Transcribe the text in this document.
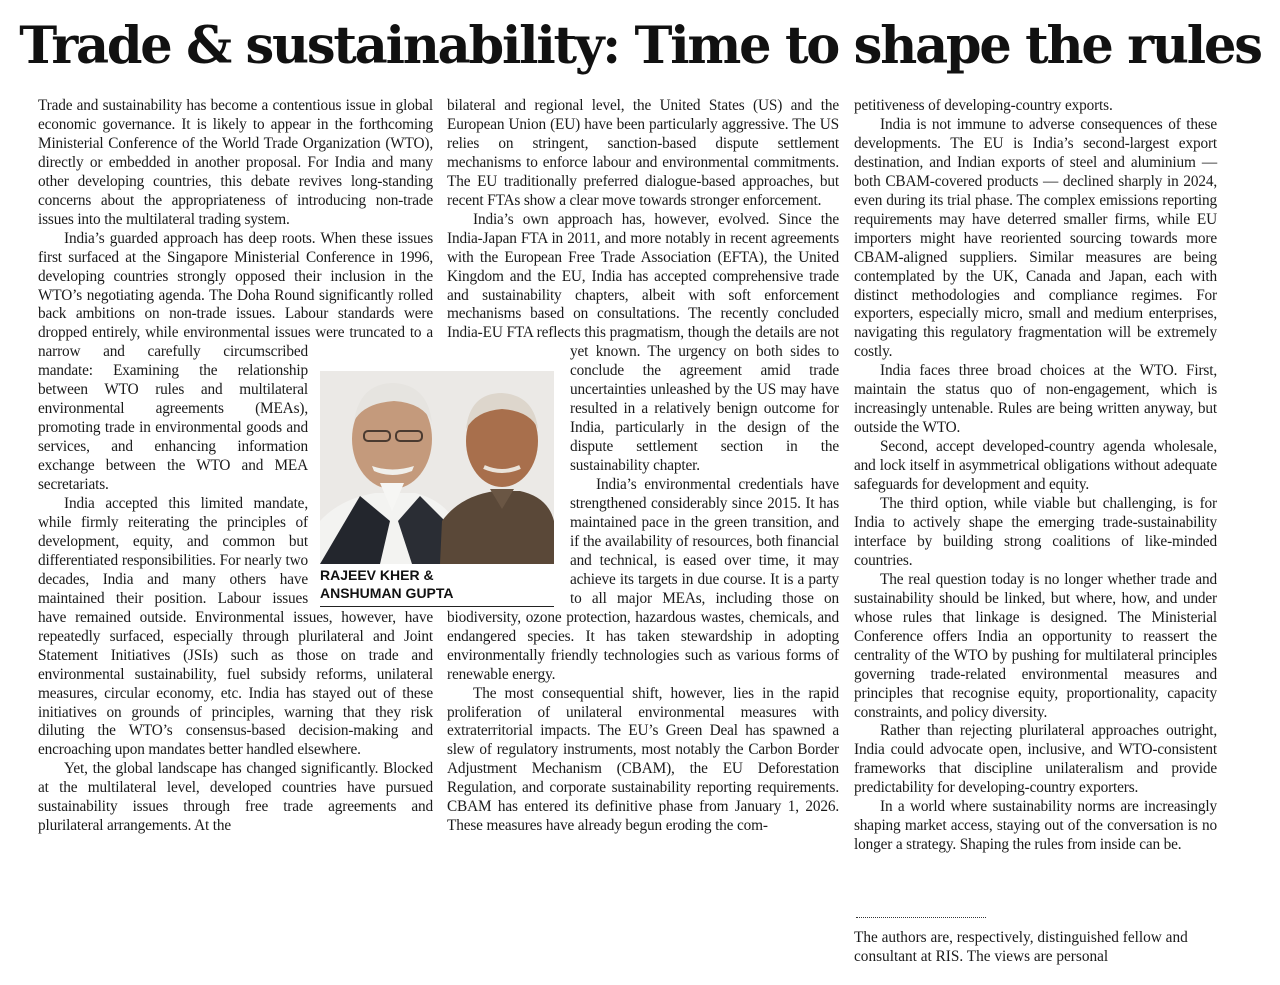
Trade & sustainability: Time to shape the rules

Trade and sustainability has become a contentious issue in global economic governance. It is likely to appear in the forthcoming Ministerial Conference of the World Trade Organization (WTO), directly or embedded in another proposal. For India and many other developing countries, this debate revives long-standing concerns about the appropriateness of introducing non-trade issues into the multilateral trading system.

India’s guarded approach has deep roots. When these issues first surfaced at the Singapore Ministerial Conference in 1996, developing countries strongly opposed their inclusion in the WTO’s negotiating agenda. The Doha Round significantly rolled back ambitions on non-trade issues. Labour standards were dropped entirely, while environmental issues were truncated to a narrow and carefully circumscribed mandate: Examining the relationship between WTO rules and multilateral environmental agreements (MEAs), promoting trade in environmental goods and services, and enhancing information exchange between the WTO and MEA secretariats.

India accepted this limited mandate, while firmly reiterating the principles of development, equity, and common but differentiated responsibilities. For nearly two decades, India and many others have maintained their position. Labour issues have remained outside. Environmental issues, however, have repeatedly surfaced, especially through plurilateral and Joint Statement Initiatives (JSIs) such as those on trade and environmental sustainability, fuel subsidy reforms, unilateral measures, circular economy, etc. India has stayed out of these initiatives on grounds of principles, warning that they risk diluting the WTO’s consensus-based decision-making and encroaching upon mandates better handled elsewhere.

Yet, the global landscape has changed significantly. Blocked at the multilateral level, developed countries have pursued sustainability issues through free trade agreements and plurilateral arrangements. At the

bilateral and regional level, the United States (US) and the European Union (EU) have been particularly aggressive. The US relies on stringent, sanction-based dispute settlement mechanisms to enforce labour and environmental commitments. The EU traditionally preferred dialogue-based approaches, but recent FTAs show a clear move towards stronger enforcement.

India’s own approach has, however, evolved. Since the India-Japan FTA in 2011, and more notably in recent agreements with the European Free Trade Association (EFTA), the United Kingdom and the EU, India has accepted comprehensive trade and sustainability chapters, albeit with soft enforcement mechanisms based on consultations. The recently concluded India-EU FTA reflects this pragmatism, though the details are not yet known. The urgency on both sides to conclude the agreement amid trade uncertainties unleashed by the US may have resulted in a relatively benign outcome for India, particularly in the design of the dispute settlement section in the sustainability chapter.

India’s environmental credentials have strengthened considerably since 2015. It has maintained pace in the green transition, and if the availability of resources, both financial and technical, is eased over time, it may achieve its targets in due course. It is a party to all major MEAs, including those on biodiversity, ozone protection, hazardous wastes, chemicals, and endangered species. It has taken stewardship in adopting environmentally friendly technologies such as various forms of renewable energy.

The most consequential shift, however, lies in the rapid proliferation of unilateral environmental measures with extraterritorial impacts. The EU’s Green Deal has spawned a slew of regulatory instruments, most notably the Carbon Border Adjustment Mechanism (CBAM), the EU Deforestation Regulation, and corporate sustainability reporting requirements. CBAM has entered its definitive phase from January 1, 2026. These measures have already begun eroding the com-

petitiveness of developing-country exports.

India is not immune to adverse consequences of these developments. The EU is India’s second-largest export destination, and Indian exports of steel and aluminium — both CBAM-covered products — declined sharply in 2024, even during its trial phase. The complex emissions reporting requirements may have deterred smaller firms, while EU importers might have reoriented sourcing towards more CBAM-aligned suppliers. Similar measures are being contemplated by the UK, Canada and Japan, each with distinct methodologies and compliance regimes. For exporters, especially micro, small and medium enterprises, navigating this regulatory fragmentation will be extremely costly.

India faces three broad choices at the WTO. First, maintain the status quo of non-engagement, which is increasingly untenable. Rules are being written anyway, but outside the WTO.

Second, accept developed-country agenda wholesale, and lock itself in asymmetrical obligations without adequate safeguards for development and equity.

The third option, while viable but challenging, is for India to actively shape the emerging trade-sustainability interface by building strong coalitions of like-minded countries.

The real question today is no longer whether trade and sustainability should be linked, but where, how, and under whose rules that linkage is designed. The Ministerial Conference offers India an opportunity to reassert the centrality of the WTO by pushing for multilateral principles governing trade-related environmental measures and principles that recognise equity, proportionality, capacity constraints, and policy diversity.

Rather than rejecting plurilateral approaches outright, India could advocate open, inclusive, and WTO-consistent frameworks that discipline unilateralism and provide predictability for developing-country exporters.

In a world where sustainability norms are increasingly shaping market access, staying out of the conversation is no longer a strategy. Shaping the rules from inside can be.

RAJEEV KHER &
ANSHUMAN GUPTA
The authors are, respectively, distinguished fellow and consultant at RIS. The views are personal
